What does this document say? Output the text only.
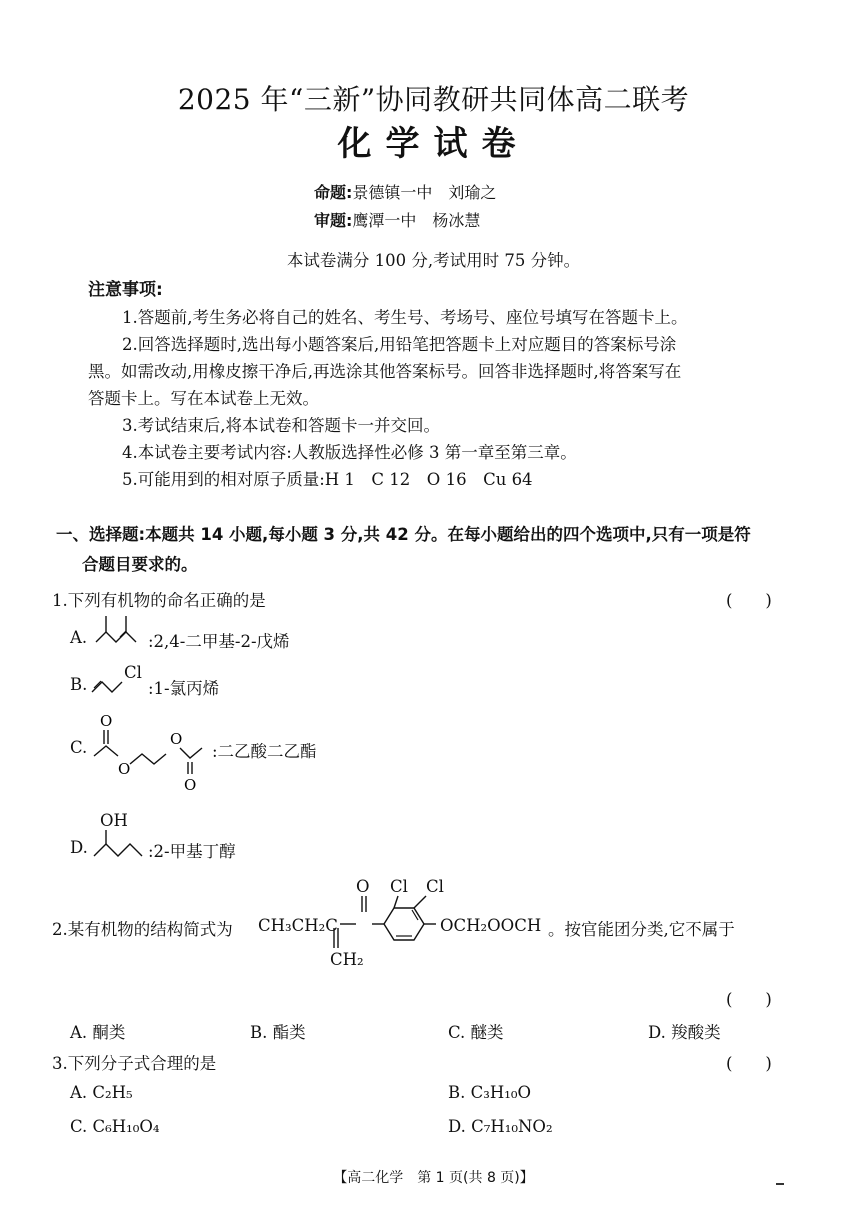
2025 年“三新”协同教研共同体高二联考
化学试卷
命题:景德镇一中　刘瑜之
审题:鹰潭一中　杨冰慧
本试卷满分 100 分,考试用时 75 分钟。
注意事项:
1.答题前,考生务必将自己的姓名、考生号、考场号、座位号填写在答题卡上。
2.回答选择题时,选出每小题答案后,用铅笔把答题卡上对应题目的答案标号涂
黑。如需改动,用橡皮擦干净后,再选涂其他答案标号。回答非选择题时,将答案写在
答题卡上。写在本试卷上无效。
3.考试结束后,将本试卷和答题卡一并交回。
4.本试卷主要考试内容:人教版选择性必修 3 第一章至第三章。
5.可能用到的相对原子质量:H 1　C 12　O 16　Cu 64
一、选择题:本题共 14 小题,每小题 3 分,共 42 分。在每小题给出的四个选项中,只有一项是符
合题目要求的。
1.下列有机物的命名正确的是	(　　)
A.	:2,4-二甲基-2-戊烯
B.
Cl
:1-氯丙烯
C.
O
O
O
O
:二乙酸二乙酯
OH
D.	:2-甲基丁醇
2.某有机物的结构简式为 CH₃CH₂C
O Cl Cl
CH₂
OCH₂OOCH 。按官能团分类,它不属于
(　　)
A. 酮类	B. 酯类	C. 醚类	D. 羧酸类
3.下列分子式合理的是	(　　)
A. C₂H₅	B. C₃H₁₀O
C. C₆H₁₀O₄	D. C₇H₁₀NO₂
【高二化学　第 1 页(共 8 页)】
